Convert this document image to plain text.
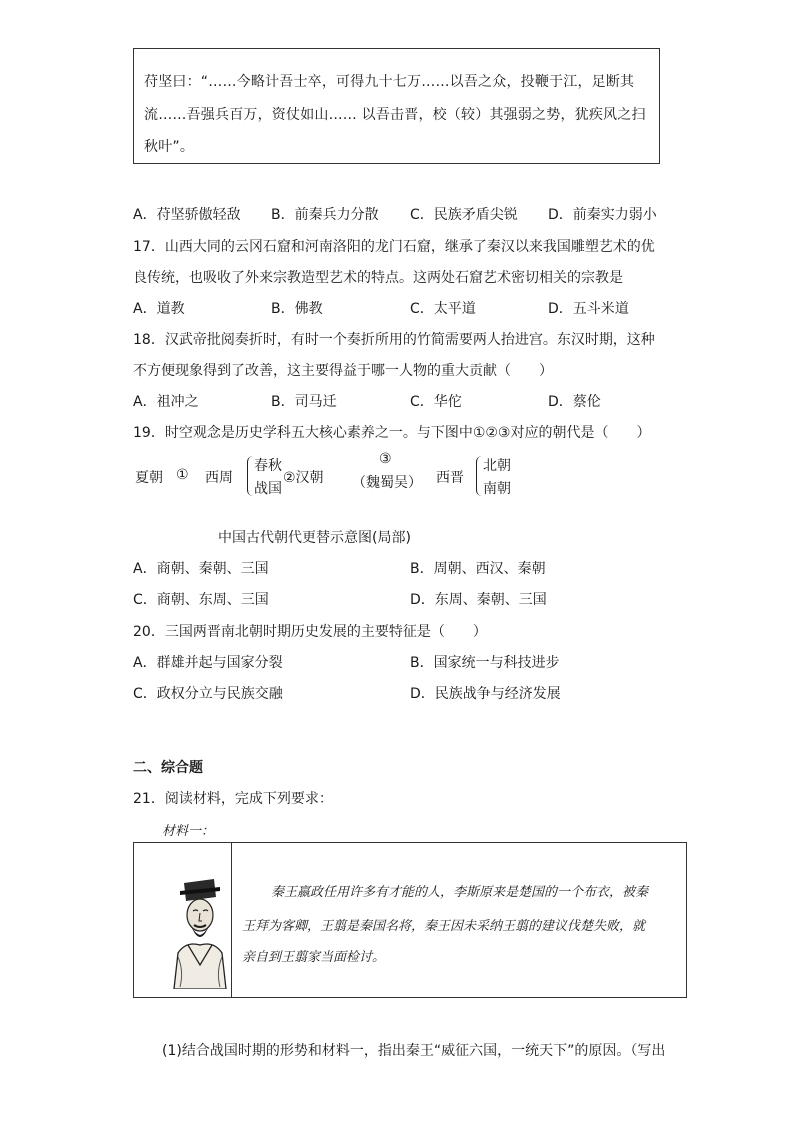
苻坚曰：“……今略计吾士卒，可得九十七万……以吾之众，投鞭于江，足断其
流……吾强兵百万，资仗如山…… 以吾击晋，校（较）其强弱之势，犹疾风之扫
秋叶”。
A．苻坚骄傲轻敌 B．前秦兵力分散 C．民族矛盾尖锐 D．前秦实力弱小
17．山西大同的云冈石窟和河南洛阳的龙门石窟，继承了秦汉以来我国雕塑艺术的优
良传统，也吸收了外来宗教造型艺术的特点。这两处石窟艺术密切相关的宗教是
A．道教	B．佛教	C．太平道	D．五斗米道
18．汉武帝批阅奏折时，有时一个奏折所用的竹简需要两人抬进宫。东汉时期，这种
不方便现象得到了改善，这主要得益于哪一人物的重大贡献（　　）
A．祖冲之	B．司马迁	C．华佗	D．蔡伦
19．时空观念是历史学科五大核心素养之一。与下图中①②③对应的朝代是（　　）
夏朝 ① 西周
春秋
战国
②汉朝
③
（魏蜀吴） 西晋
北朝
南朝
中国古代朝代更替示意图(局部)
A．商朝、秦朝、三国	B．周朝、西汉、秦朝
C．商朝、东周、三国	D．东周、秦朝、三国
20．三国两晋南北朝时期历史发展的主要特征是（　　）
A．群雄并起与国家分裂	B．国家统一与科技进步
C．政权分立与民族交融	D．民族战争与经济发展
二、综合题
21．阅读材料，完成下列要求：
材料一：
秦王嬴政任用许多有才能的人，李斯原来是楚国的一个布衣，被秦
王拜为客卿，王翦是秦国名将，秦王因未采纳王翦的建议伐楚失败，就
亲自到王翦家当面检讨。
(1)结合战国时期的形势和材料一，指出秦王“威征六国，一统天下”的原因。（写出
